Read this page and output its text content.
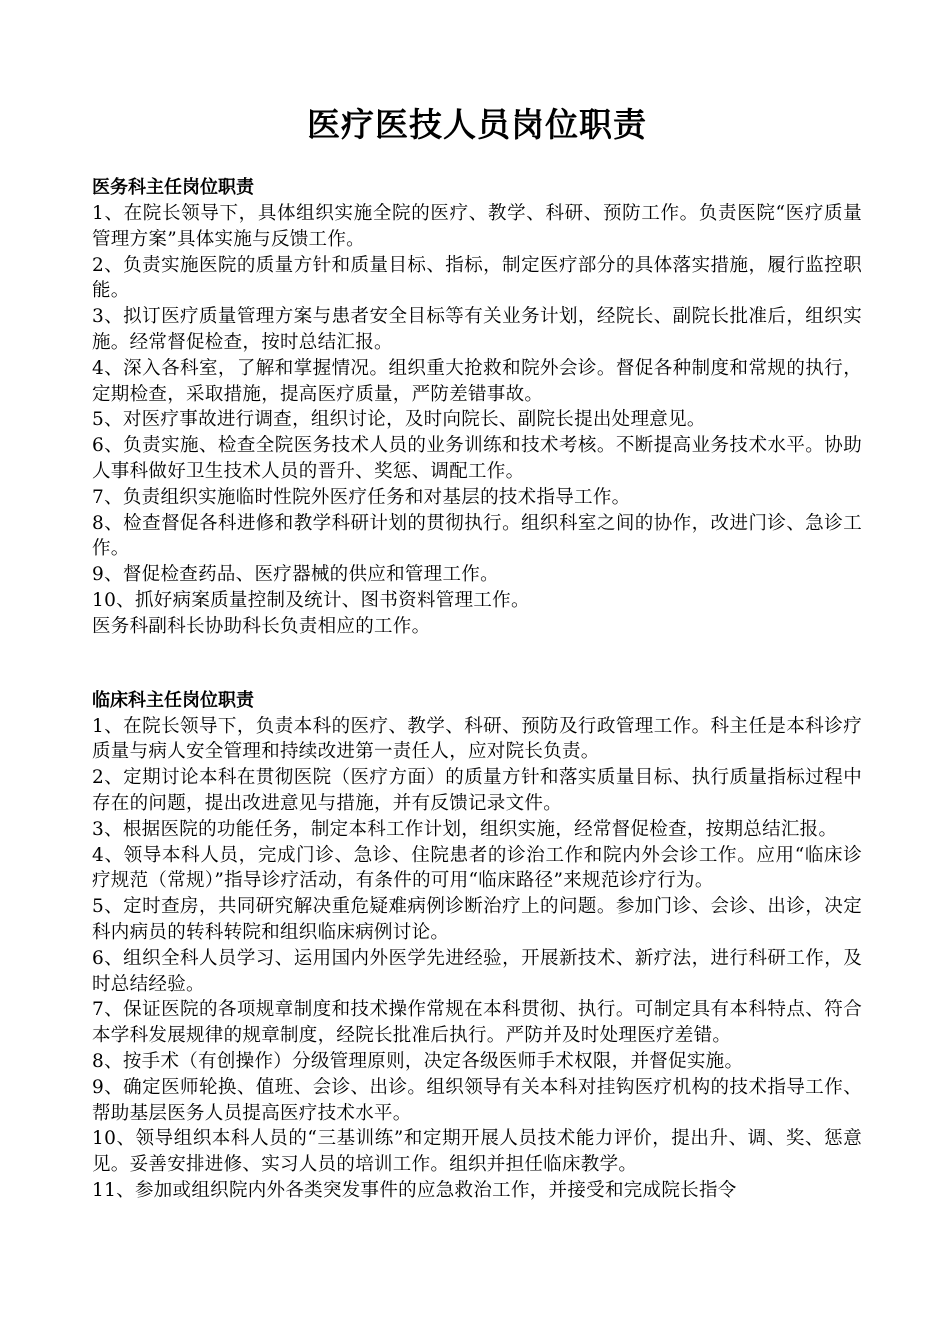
医疗医技人员岗位职责
医务科主任岗位职责

1、在院长领导下，具体组织实施全院的医疗、教学、科研、预防工作。负责医院“医疗质量管理方案”具体实施与反馈工作。

2、负责实施医院的质量方针和质量目标、指标，制定医疗部分的具体落实措施，履行监控职能。

3、拟订医疗质量管理方案与患者安全目标等有关业务计划，经院长、副院长批准后，组织实施。经常督促检查，按时总结汇报。

4、深入各科室，了解和掌握情况。组织重大抢救和院外会诊。督促各种制度和常规的执行，定期检查，采取措施，提高医疗质量，严防差错事故。

5、对医疗事故进行调查，组织讨论，及时向院长、副院长提出处理意见。

6、负责实施、检查全院医务技术人员的业务训练和技术考核。不断提高业务技术水平。协助人事科做好卫生技术人员的晋升、奖惩、调配工作。

7、负责组织实施临时性院外医疗任务和对基层的技术指导工作。

8、检查督促各科进修和教学科研计划的贯彻执行。组织科室之间的协作，改进门诊、急诊工作。

9、督促检查药品、医疗器械的供应和管理工作。

10、抓好病案质量控制及统计、图书资料管理工作。

医务科副科长协助科长负责相应的工作。

临床科主任岗位职责

1、在院长领导下，负责本科的医疗、教学、科研、预防及行政管理工作。科主任是本科诊疗质量与病人安全管理和持续改进第一责任人，应对院长负责。

2、定期讨论本科在贯彻医院（医疗方面）的质量方针和落实质量目标、执行质量指标过程中存在的问题，提出改进意见与措施，并有反馈记录文件。

3、根据医院的功能任务，制定本科工作计划，组织实施，经常督促检查，按期总结汇报。

4、领导本科人员，完成门诊、急诊、住院患者的诊治工作和院内外会诊工作。应用“临床诊疗规范（常规）”指导诊疗活动，有条件的可用“临床路径”来规范诊疗行为。

5、定时查房，共同研究解决重危疑难病例诊断治疗上的问题。参加门诊、会诊、出诊，决定科内病员的转科转院和组织临床病例讨论。

6、组织全科人员学习、运用国内外医学先进经验，开展新技术、新疗法，进行科研工作，及时总结经验。

7、保证医院的各项规章制度和技术操作常规在本科贯彻、执行。可制定具有本科特点、符合本学科发展规律的规章制度，经院长批准后执行。严防并及时处理医疗差错。

8、按手术（有创操作）分级管理原则，决定各级医师手术权限，并督促实施。

9、确定医师轮换、值班、会诊、出诊。组织领导有关本科对挂钩医疗机构的技术指导工作、帮助基层医务人员提高医疗技术水平。

10、领导组织本科人员的“三基训练”和定期开展人员技术能力评价，提出升、调、奖、惩意见。妥善安排进修、实习人员的培训工作。组织并担任临床教学。

11、参加或组织院内外各类突发事件的应急救治工作，并接受和完成院长指令
